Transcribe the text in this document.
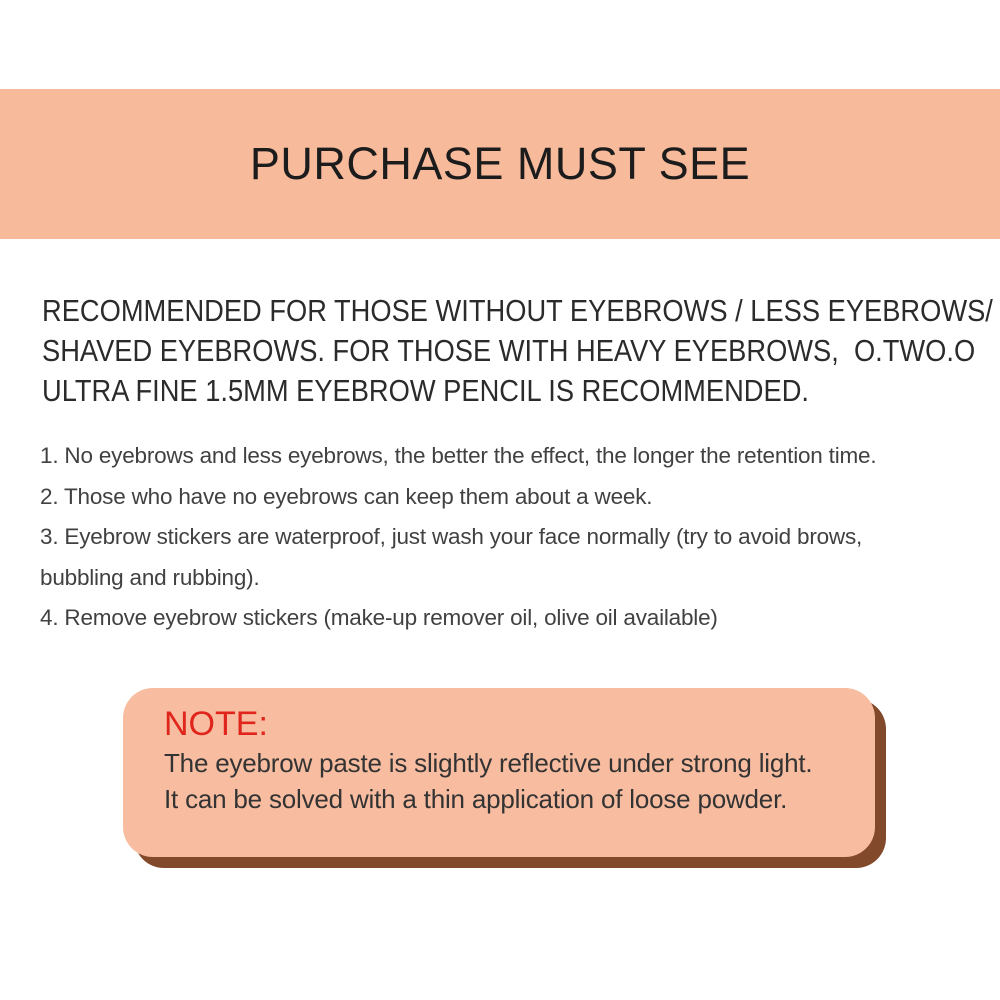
PURCHASE MUST SEE
RECOMMENDED FOR THOSE WITHOUT EYEBROWS / LESS EYEBROWS/
SHAVED EYEBROWS. FOR THOSE WITH HEAVY EYEBROWS,  O.TWO.O
ULTRA FINE 1.5MM EYEBROW PENCIL IS RECOMMENDED.
1. No eyebrows and less eyebrows, the better the effect, the longer the retention time.
2. Those who have no eyebrows can keep them about a week.
3. Eyebrow stickers are waterproof, just wash your face normally (try to avoid brows,
bubbling and rubbing).
4. Remove eyebrow stickers (make-up remover oil, olive oil available)
NOTE:
The eyebrow paste is slightly reflective under strong light.
It can be solved with a thin application of loose powder.
